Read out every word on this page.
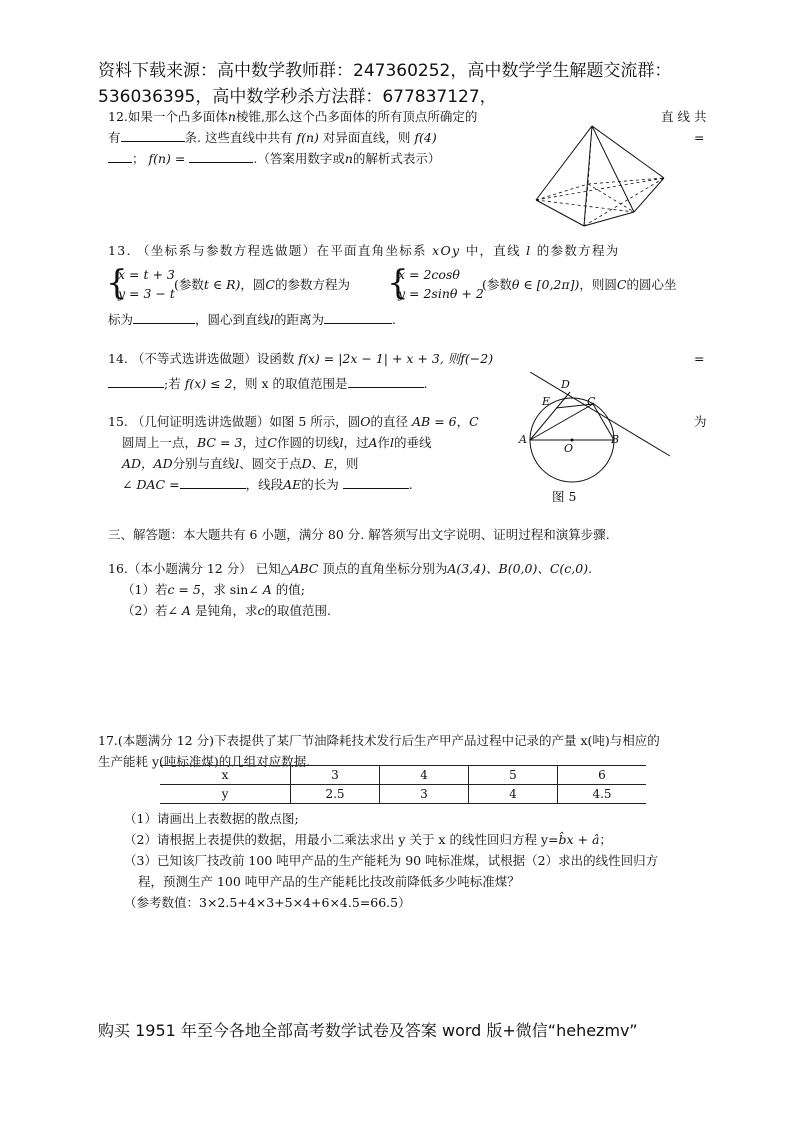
资料下载来源：高中数学教师群：247360252，高中数学学生解题交流群：
536036395，高中数学秒杀方法群：677837127，
12.如果一个凸多面体n棱锥,那么这个凸多面体的所有顶点所确定的
有	条. 这些直线中共有 f(n) 对异面直线，则 f(4)
； f(n) =	.（答案用数字或n的解析式表示）
直 线 共
=
13. （坐标系与参数方程选做题）在平面直角坐标系 xOy 中，直线 l 的参数方程为
{
x = t + 3
y = 3 − t
(参数t ∈ R)，圆C的参数方程为 {
x = 2cosθ
y = 2sinθ + 2
(参数θ ∈ [0,2π])，则圆C的圆心坐
标为	，圆心到直线l的距离为	.
14. （不等式选讲选做题）设函数 f(x) = |2x − 1| + x + 3, 则f(−2)
;若 f(x) ≤ 2，则 x 的取值范围是	.
=
D
E	C
A	B
O
图 5
15. （几何证明选讲选做题）如图 5 所示，圆O的直径 AB = 6，C
圆周上一点，BC = 3，过C作圆的切线l，过A作l的垂线
AD，AD分别与直线l、圆交于点D、E，则
∠ DAC =	，线段AE的长为	.
为
三、解答题：本大题共有 6 小题，满分 80 分. 解答须写出文字说明、证明过程和演算步骤.
16.（本小题满分 12 分） 已知△ABC 顶点的直角坐标分别为A(3,4)、B(0,0)、C(c,0).
（1）若c = 5，求 sin∠ A 的值;
（2）若∠ A 是钝角，求c的取值范围.
17.(本题满分 12 分)下表提供了某厂节油降耗技术发行后生产甲产品过程中记录的产量 x(吨)与相应的
生产能耗 y(吨标准煤)的几组对应数据.
x	3	4	5	6
y	2.5	3	4	4.5
（1）请画出上表数据的散点图;
（2）请根据上表提供的数据，用最小二乘法求出 y 关于 x 的线性回归方程 y=b̂x + â；
（3）已知该厂技改前 100 吨甲产品的生产能耗为 90 吨标准煤，试根据（2）求出的线性回归方
程，预测生产 100 吨甲产品的生产能耗比技改前降低多少吨标准煤？
（参考数值：3×2.5+4×3+5×4+6×4.5=66.5）
购买 1951 年至今各地全部高考数学试卷及答案 word 版+微信“hehezmv”
